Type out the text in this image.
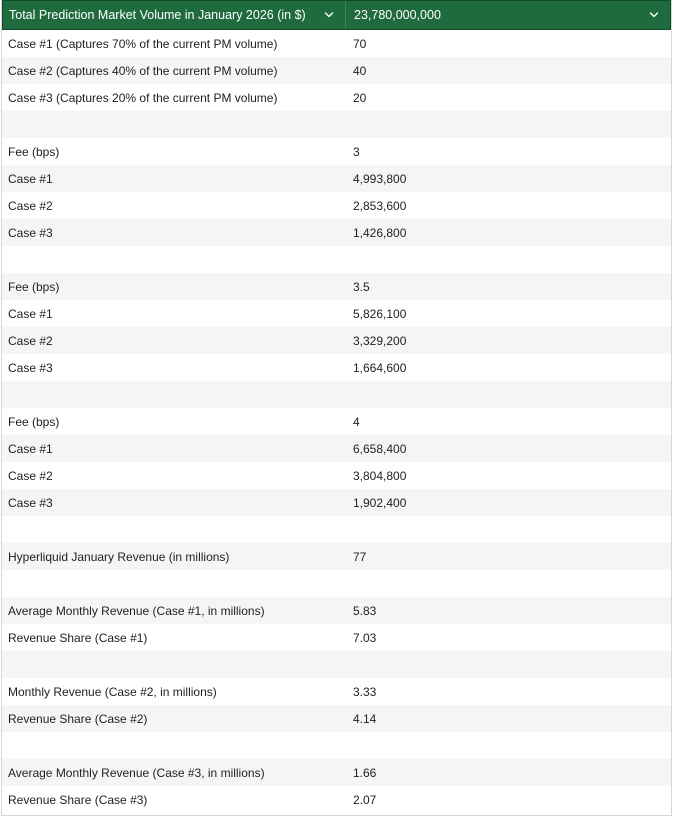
Total Prediction Market Volume in January 2026 (in $)	23,780,000,000
Case #1 (Captures 70% of the current PM volume)	70
Case #2 (Captures 40% of the current PM volume)	40
Case #3 (Captures 20% of the current PM volume)	20
Fee (bps)	3
Case #1	4,993,800
Case #2	2,853,600
Case #3	1,426,800
Fee (bps)	3.5
Case #1	5,826,100
Case #2	3,329,200
Case #3	1,664,600
Fee (bps)	4
Case #1	6,658,400
Case #2	3,804,800
Case #3	1,902,400
Hyperliquid January Revenue (in millions)	77
Average Monthly Revenue (Case #1, in millions)	5.83
Revenue Share (Case #1)	7.03
Monthly Revenue (Case #2, in millions)	3.33
Revenue Share (Case #2)	4.14
Average Monthly Revenue (Case #3, in millions)	1.66
Revenue Share (Case #3)	2.07
